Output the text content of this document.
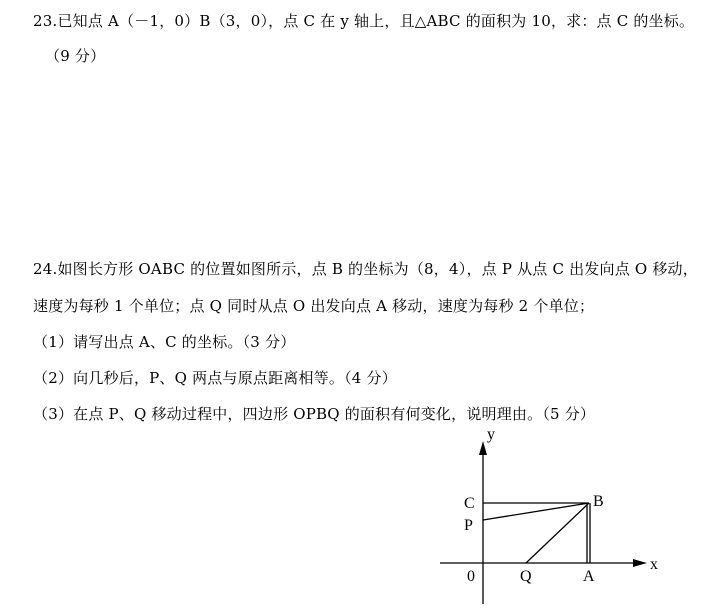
23.已知点 A（－1，0）B（3，0），点 C 在 y 轴上，且△ABC 的面积为 10，求：点 C 的坐标。
（9 分）
24.如图长方形 OABC 的位置如图所示，点 B 的坐标为（8，4），点 P 从点 C 出发向点 O 移动，
速度为每秒 1 个单位；点 Q 同时从点 O 出发向点 A 移动，速度为每秒 2 个单位；
（1）请写出点 A、C 的坐标。（3 分）
（2）向几秒后，P、Q 两点与原点距离相等。（4 分）
（3）在点 P、Q 移动过程中，四边形 OPBQ 的面积有何变化，说明理由。（5 分）
y
x
0	Q	A
B
C
P
